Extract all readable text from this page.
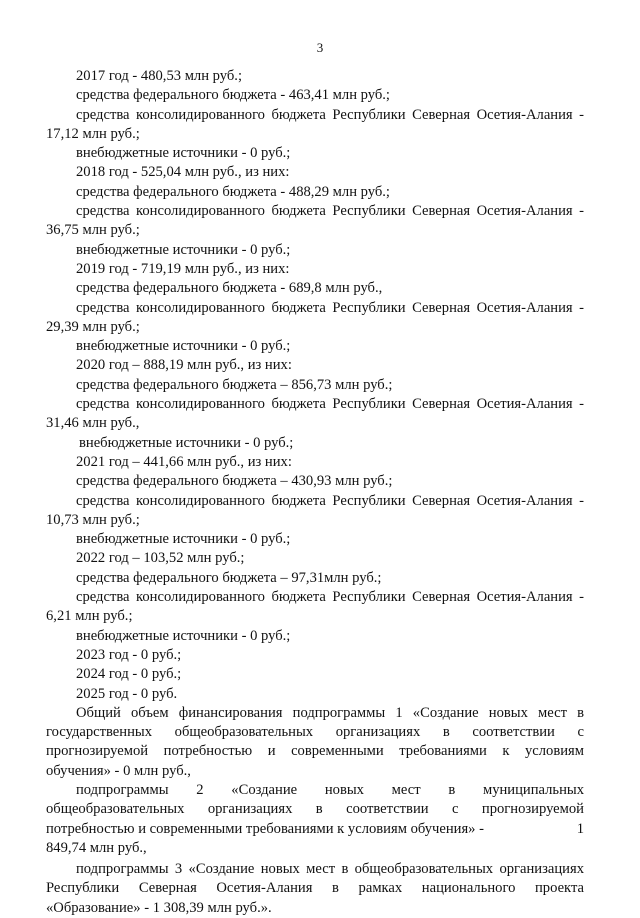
3
2017 год - 480,53 млн руб.;
средства федерального бюджета - 463,41 млн руб.;
средства консолидированного бюджета Республики Северная Осетия-Алания -
17,12 млн руб.;
внебюджетные источники - 0 руб.;
2018 год - 525,04 млн руб., из них:
средства федерального бюджета - 488,29 млн руб.;
средства консолидированного бюджета Республики Северная Осетия-Алания -
36,75 млн руб.;
внебюджетные источники - 0 руб.;
2019 год - 719,19 млн руб., из них:
средства федерального бюджета - 689,8 млн руб.,
средства консолидированного бюджета Республики Северная Осетия-Алания -
29,39 млн руб.;
внебюджетные источники - 0 руб.;
2020 год – 888,19 млн руб., из них:
средства федерального бюджета – 856,73 млн руб.;
средства консолидированного бюджета Республики Северная Осетия-Алания -
31,46 млн руб.,
внебюджетные источники - 0 руб.;
2021 год – 441,66 млн руб., из них:
средства федерального бюджета – 430,93 млн руб.;
средства консолидированного бюджета Республики Северная Осетия-Алания -
10,73 млн руб.;
внебюджетные источники - 0 руб.;
2022 год – 103,52 млн руб.;
средства федерального бюджета – 97,31млн руб.;
средства консолидированного бюджета Республики Северная Осетия-Алания -
6,21 млн руб.;
внебюджетные источники - 0 руб.;
2023 год - 0 руб.;
2024 год - 0 руб.;
2025 год - 0 руб.
Общий объем финансирования подпрограммы 1 «Создание новых мест в
государственных общеобразовательных организациях в соответствии с
прогнозируемой потребностью и современными требованиями к условиям
обучения» - 0 млн руб.,
подпрограммы 2 «Создание новых мест в муниципальных
общеобразовательных организациях в соответствии с прогнозируемой
потребностью и современными требованиями к условиям обучения» -	1
849,74 млн руб.,
подпрограммы 3 «Создание новых мест в общеобразовательных организациях
Республики Северная Осетия-Алания в рамках национального проекта
«Образование» - 1 308,39 млн руб.».
